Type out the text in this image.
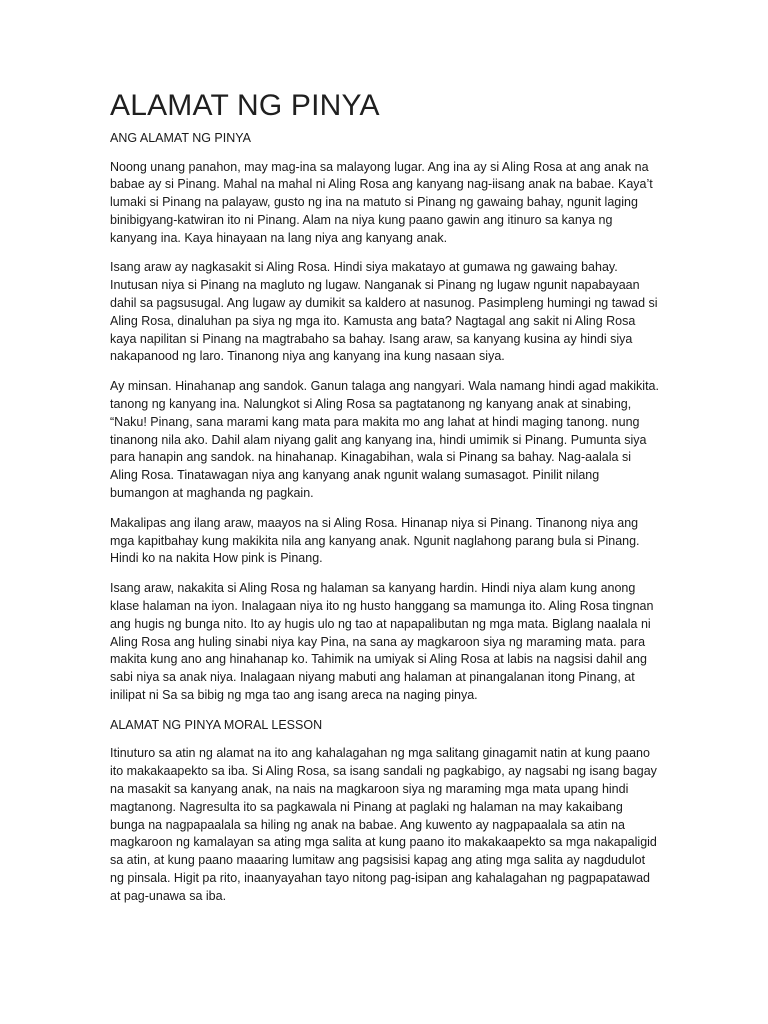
ALAMAT NG PINYA
ANG ALAMAT NG PINYA

Noong unang panahon, may mag-ina sa malayong lugar. Ang ina ay si Aling Rosa at ang anak na babae ay si Pinang. Mahal na mahal ni Aling Rosa ang kanyang nag-iisang anak na babae. Kaya’t lumaki si Pinang na palayaw, gusto ng ina na matuto si Pinang ng gawaing bahay, ngunit laging binibigyang-katwiran ito ni Pinang. Alam na niya kung paano gawin ang itinuro sa kanya ng kanyang ina. Kaya hinayaan na lang niya ang kanyang anak.

Isang araw ay nagkasakit si Aling Rosa. Hindi siya makatayo at gumawa ng gawaing bahay. Inutusan niya si Pinang na magluto ng lugaw. Nanganak si Pinang ng lugaw ngunit napabayaan dahil sa pagsusugal. Ang lugaw ay dumikit sa kaldero at nasunog. Pasimpleng humingi ng tawad si Aling Rosa, dinaluhan pa siya ng mga ito. Kamusta ang bata? Nagtagal ang sakit ni Aling Rosa kaya napilitan si Pinang na magtrabaho sa bahay. Isang araw, sa kanyang kusina ay hindi siya nakapanood ng laro. Tinanong niya ang kanyang ina kung nasaan siya.

Ay minsan. Hinahanap ang sandok. Ganun talaga ang nangyari. Wala namang hindi agad makikita. tanong ng kanyang ina. Nalungkot si Aling Rosa sa pagtatanong ng kanyang anak at sinabing, “Naku! Pinang, sana marami kang mata para makita mo ang lahat at hindi maging tanong. nung tinanong nila ako. Dahil alam niyang galit ang kanyang ina, hindi umimik si Pinang. Pumunta siya para hanapin ang sandok. na hinahanap. Kinagabihan, wala si Pinang sa bahay. Nag-aalala si Aling Rosa. Tinatawagan niya ang kanyang anak ngunit walang sumasagot. Pinilit nilang bumangon at maghanda ng pagkain.

Makalipas ang ilang araw, maayos na si Aling Rosa. Hinanap niya si Pinang. Tinanong niya ang mga kapitbahay kung makikita nila ang kanyang anak. Ngunit naglahong parang bula si Pinang. Hindi ko na nakita How pink is Pinang.

Isang araw, nakakita si Aling Rosa ng halaman sa kanyang hardin. Hindi niya alam kung anong klase halaman na iyon. Inalagaan niya ito ng husto hanggang sa mamunga ito. Aling Rosa tingnan ang hugis ng bunga nito. Ito ay hugis ulo ng tao at napapalibutan ng mga mata. Biglang naalala ni Aling Rosa ang huling sinabi niya kay Pina, na sana ay magkaroon siya ng maraming mata. para makita kung ano ang hinahanap ko. Tahimik na umiyak si Aling Rosa at labis na nagsisi dahil ang sabi niya sa anak niya. Inalagaan niyang mabuti ang halaman at pinangalanan itong Pinang, at inilipat ni Sa sa bibig ng mga tao ang isang areca na naging pinya.

ALAMAT NG PINYA MORAL LESSON

Itinuturo sa atin ng alamat na ito ang kahalagahan ng mga salitang ginagamit natin at kung paano ito makakaapekto sa iba. Si Aling Rosa, sa isang sandali ng pagkabigo, ay nagsabi ng isang bagay na masakit sa kanyang anak, na nais na magkaroon siya ng maraming mga mata upang hindi magtanong. Nagresulta ito sa pagkawala ni Pinang at paglaki ng halaman na may kakaibang bunga na nagpapaalala sa hiling ng anak na babae. Ang kuwento ay nagpapaalala sa atin na magkaroon ng kamalayan sa ating mga salita at kung paano ito makakaapekto sa mga nakapaligid sa atin, at kung paano maaaring lumitaw ang pagsisisi kapag ang ating mga salita ay nagdudulot ng pinsala. Higit pa rito, inaanyayahan tayo nitong pag-isipan ang kahalagahan ng pagpapatawad at pag-unawa sa iba.
